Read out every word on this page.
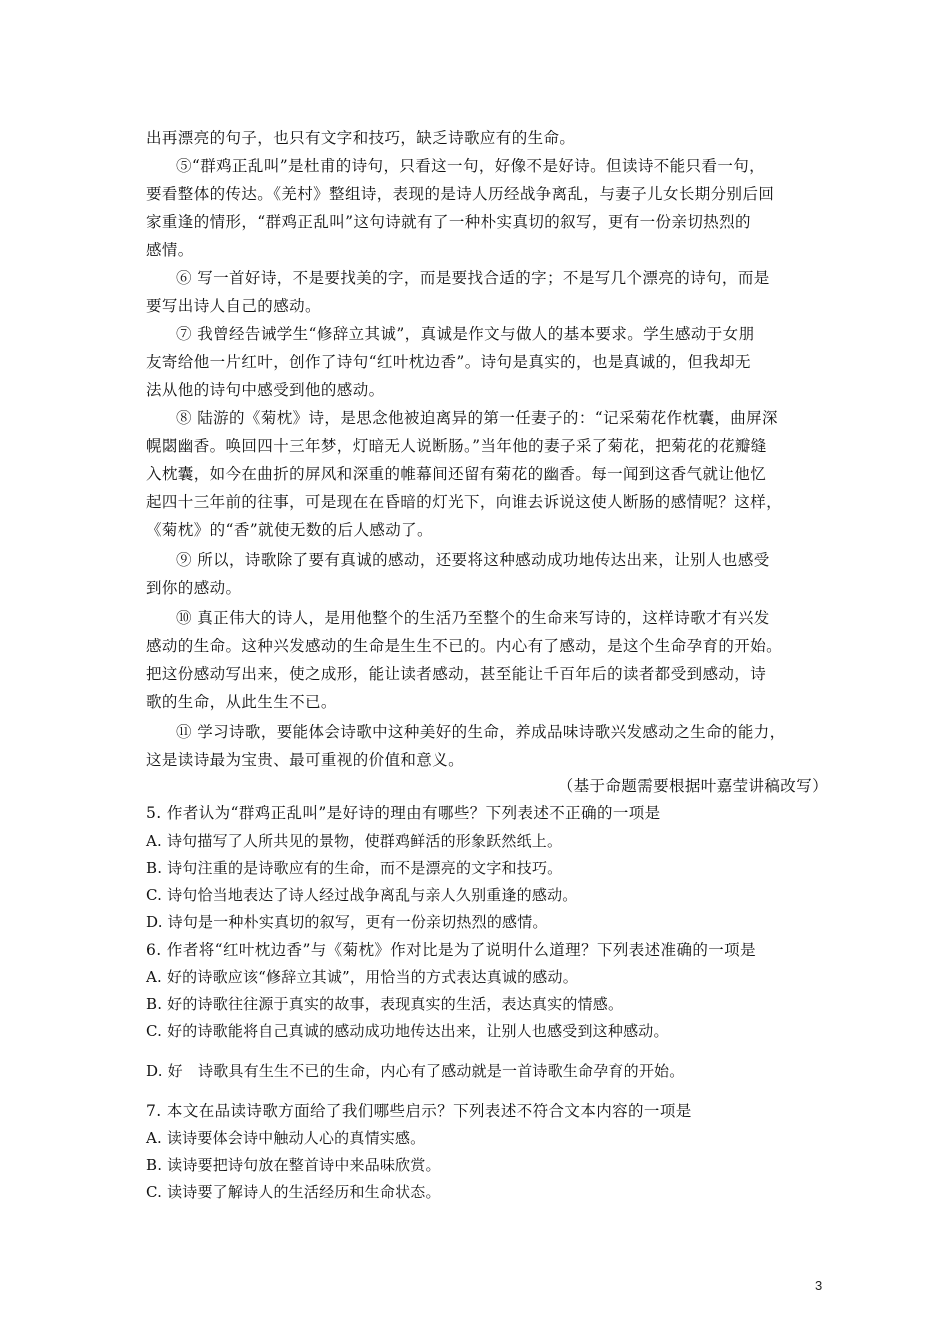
出再漂亮的句子，也只有文字和技巧，缺乏诗歌应有的生命。

⑤“群鸡正乱叫”是杜甫的诗句，只看这一句，好像不是好诗。但读诗不能只看一句，

要看整体的传达。《羌村》整组诗，表现的是诗人历经战争离乱，与妻子儿女长期分别后回

家重逢的情形，“群鸡正乱叫”这句诗就有了一种朴实真切的叙写，更有一份亲切热烈的

感情。

⑥ 写一首好诗，不是要找美的字，而是要找合适的字；不是写几个漂亮的诗句，而是

要写出诗人自己的感动。

⑦ 我曾经告诫学生“修辞立其诚”，真诚是作文与做人的基本要求。学生感动于女朋

友寄给他一片红叶，创作了诗句“红叶枕边香”。诗句是真实的，也是真诚的，但我却无

法从他的诗句中感受到他的感动。

⑧ 陆游的《菊枕》诗，是思念他被迫离异的第一任妻子的：“记采菊花作枕囊，曲屏深

幌閟幽香。唤回四十三年梦，灯暗无人说断肠。”当年他的妻子采了菊花，把菊花的花瓣缝

入枕囊，如今在曲折的屏风和深重的帷幕间还留有菊花的幽香。每一闻到这香气就让他忆

起四十三年前的往事，可是现在在昏暗的灯光下，向谁去诉说这使人断肠的感情呢？这样，

《菊枕》的“香”就使无数的后人感动了。

⑨ 所以，诗歌除了要有真诚的感动，还要将这种感动成功地传达出来，让别人也感受

到你的感动。

⑩ 真正伟大的诗人，是用他整个的生活乃至整个的生命来写诗的，这样诗歌才有兴发

感动的生命。这种兴发感动的生命是生生不已的。内心有了感动，是这个生命孕育的开始。

把这份感动写出来，使之成形，能让读者感动，甚至能让千百年后的读者都受到感动，诗

歌的生命，从此生生不已。

⑪ 学习诗歌，要能体会诗歌中这种美好的生命，养成品味诗歌兴发感动之生命的能力，

这是读诗最为宝贵、最可重视的价值和意义。

（基于命题需要根据叶嘉莹讲稿改写）

5. 作者认为“群鸡正乱叫”是好诗的理由有哪些？下列表述不正确的一项是

A. 诗句描写了人所共见的景物，使群鸡鲜活的形象跃然纸上。

B. 诗句注重的是诗歌应有的生命，而不是漂亮的文字和技巧。

C. 诗句恰当地表达了诗人经过战争离乱与亲人久别重逢的感动。

D. 诗句是一种朴实真切的叙写，更有一份亲切热烈的感情。

6. 作者将“红叶枕边香”与《菊枕》作对比是为了说明什么道理？下列表述准确的一项是

A. 好的诗歌应该“修辞立其诚”，用恰当的方式表达真诚的感动。

B. 好的诗歌往往源于真实的故事，表现真实的生活，表达真实的情感。

C. 好的诗歌能将自己真诚的感动成功地传达出来，让别人也感受到这种感动。

D. 好　诗歌具有生生不已的生命，内心有了感动就是一首诗歌生命孕育的开始。

7. 本文在品读诗歌方面给了我们哪些启示？下列表述不符合文本内容的一项是

A. 读诗要体会诗中触动人心的真情实感。

B. 读诗要把诗句放在整首诗中来品味欣赏。

C. 读诗要了解诗人的生活经历和生命状态。

3
